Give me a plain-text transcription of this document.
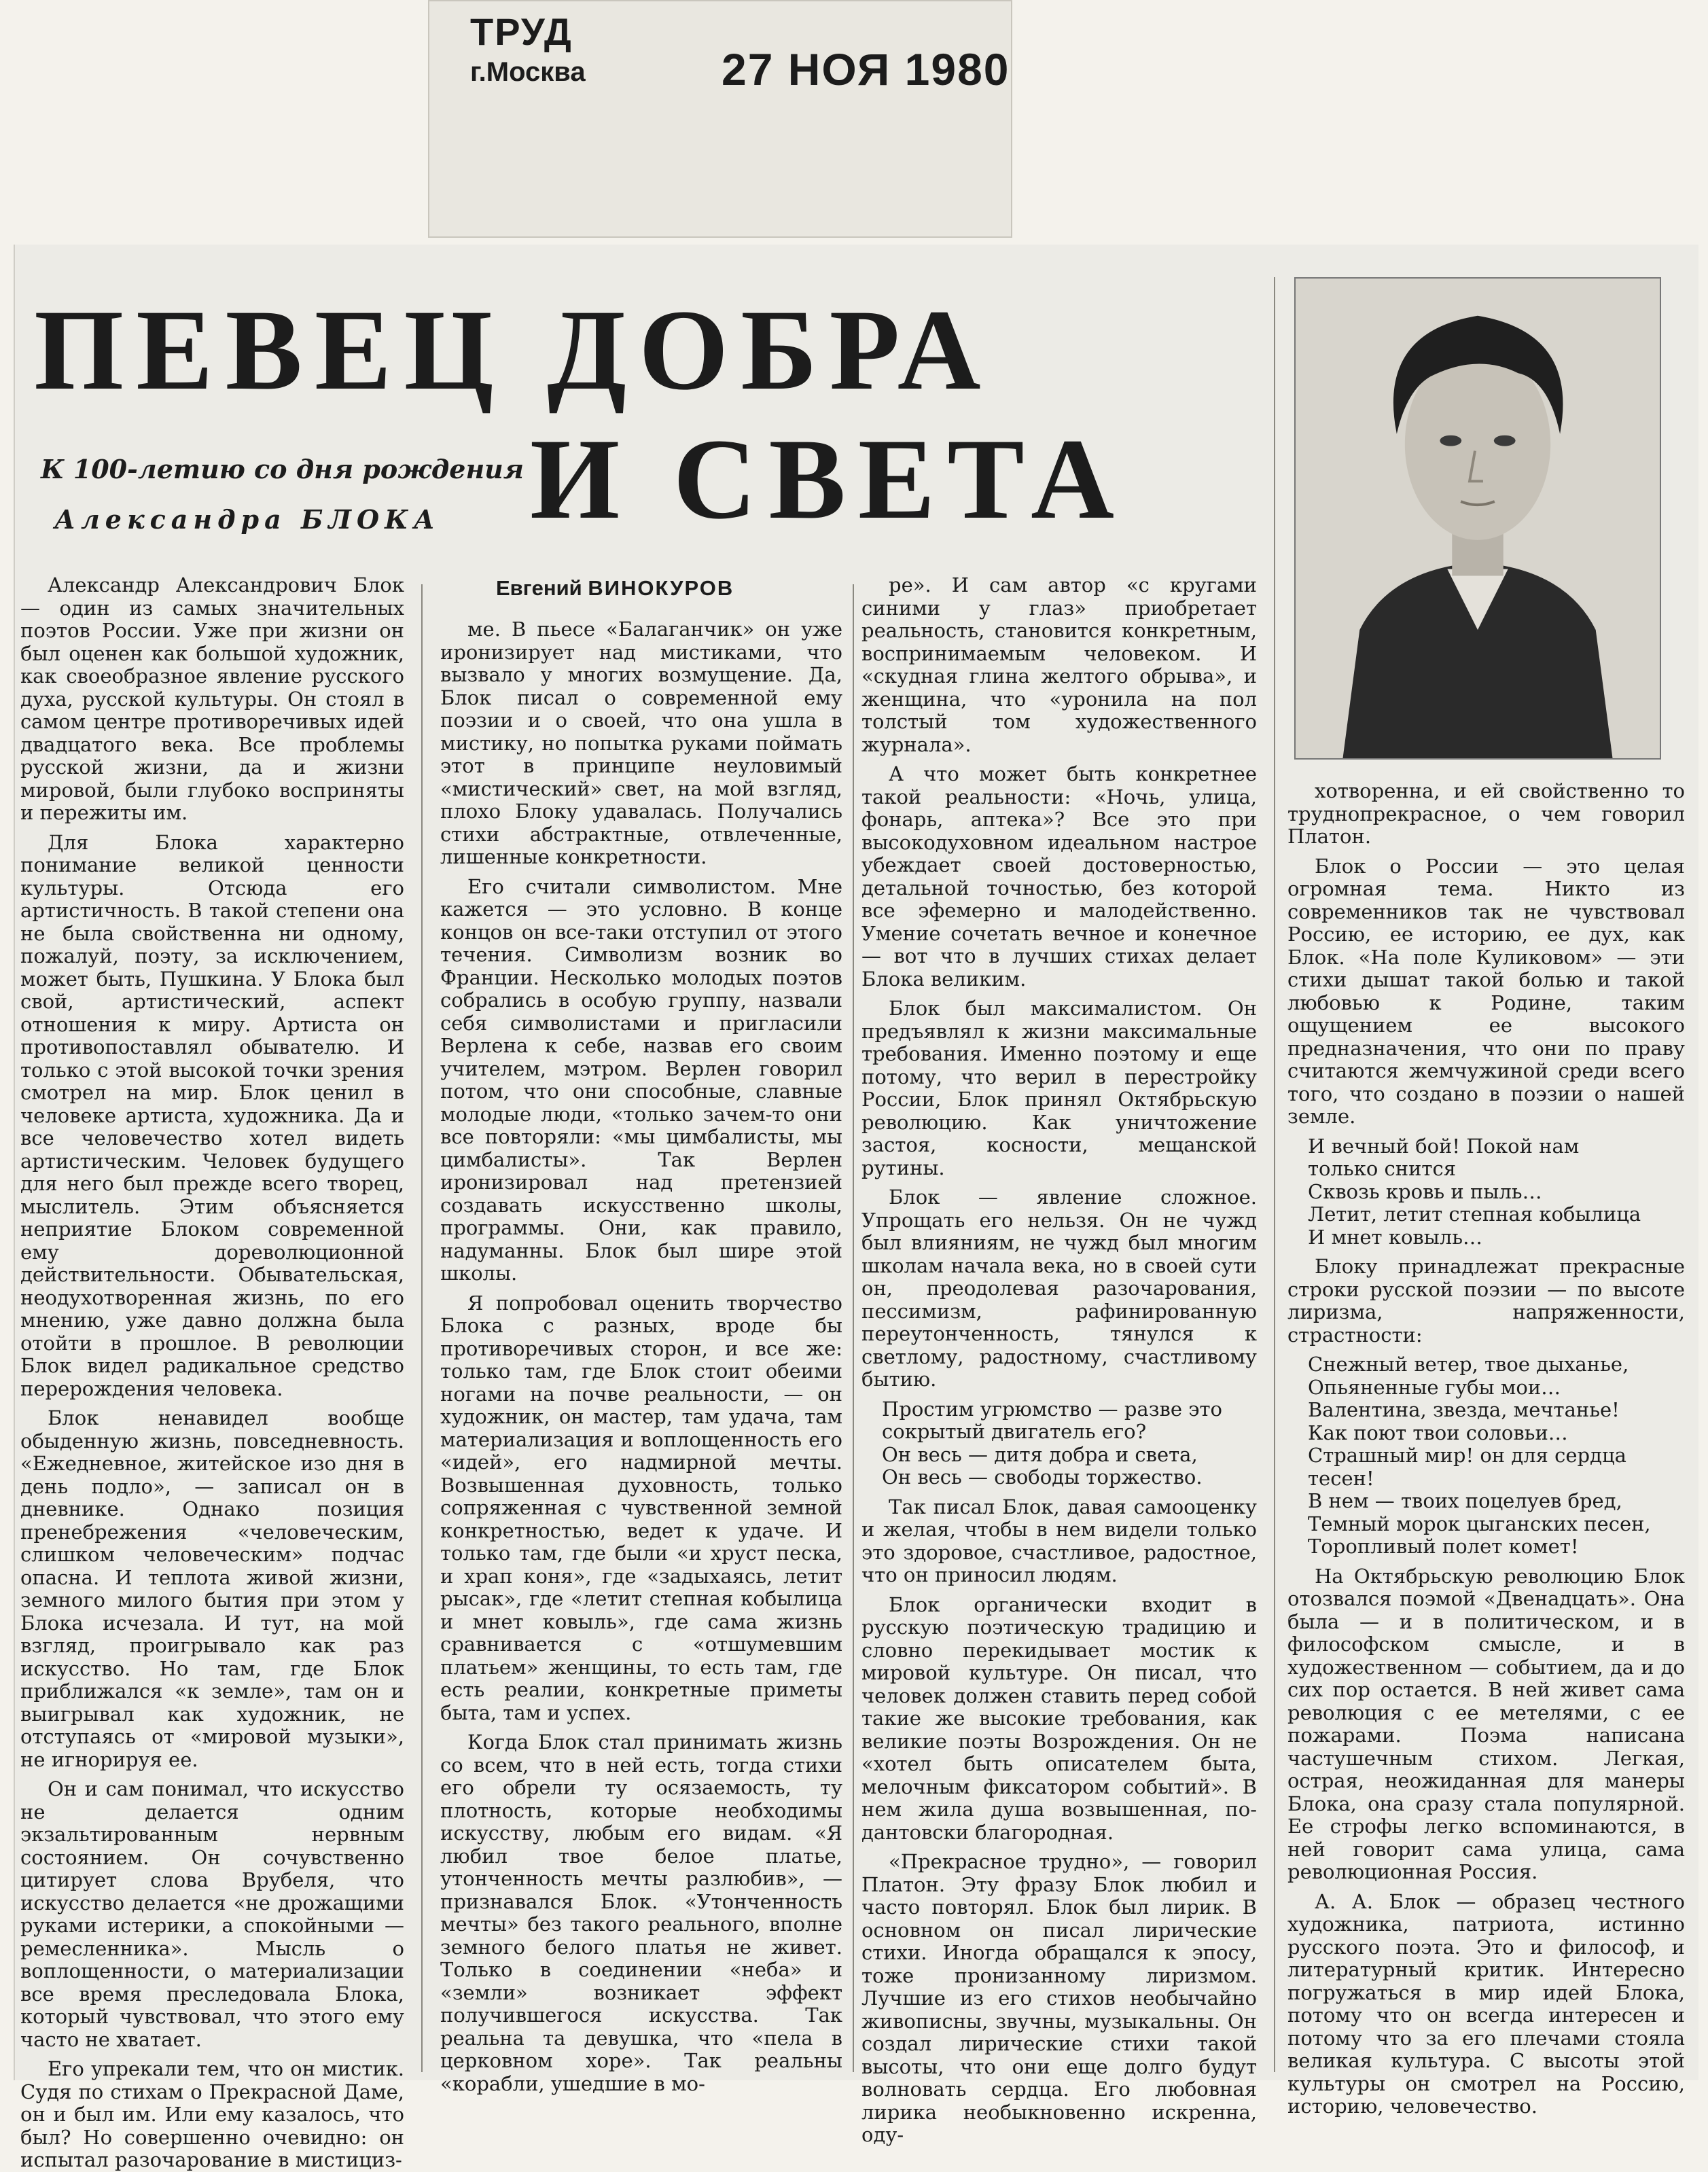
ТРУД
г.Москва	27 НОЯ 1980
ПЕВЕЦ ДОБРА
И СВЕТА
К 100-летию со дня рождения
Александра БЛОКА
Евгений ВИНОКУРОВ

Александр Александрович Блок — один из самых значительных поэтов России. Уже при жизни он был оценен как большой художник, как своеобразное явление русского духа, русской культуры. Он стоял в самом центре противоречивых идей двадцатого века. Все проблемы русской жизни, да и жизни мировой, были глубоко восприняты и пережиты им.

Для Блока характерно понимание великой ценности культуры. Отсюда его артистичность. В такой степени она не была свойственна ни одному, пожалуй, поэту, за исключением, может быть, Пушкина. У Блока был свой, артистический, аспект отношения к миру. Артиста он противопоставлял обывателю. И только с этой высокой точки зрения смотрел на мир. Блок ценил в человеке артиста, художника. Да и все человечество хотел видеть артистическим. Человек будущего для него был прежде всего творец, мыслитель. Этим объясняется неприятие Блоком современной ему дореволюционной действительности. Обывательская, неодухотворенная жизнь, по его мнению, уже давно должна была отойти в прошлое. В революции Блок видел радикальное средство перерождения человека.

Блок ненавидел вообще обыденную жизнь, повседневность. «Ежедневное, житейское изо дня в день подло», — записал он в дневнике. Однако позиция пренебрежения «человеческим, слишком человеческим» подчас опасна. И теплота живой жизни, земного милого бытия при этом у Блока исчезала. И тут, на мой взгляд, проигрывало как раз искусство. Но там, где Блок приближался «к земле», там он и выигрывал как художник, не отступаясь от «мировой музыки», не игнорируя ее.

Он и сам понимал, что искусство не делается одним экзальтированным нервным состоянием. Он сочувственно цитирует слова Врубеля, что искусство делается «не дрожащими руками истерики, а спокойными — ремесленника». Мысль о воплощенности, о материализации все время преследовала Блока, который чувствовал, что этого ему часто не хватает.

Его упрекали тем, что он мистик. Судя по стихам о Прекрасной Даме, он и был им. Или ему казалось, что был? Но совершенно очевидно: он испытал разочарование в мистициз-

ме. В пьесе «Балаганчик» он уже иронизирует над мистиками, что вызвало у многих возмущение. Да, Блок писал о современной ему поэзии и о своей, что она ушла в мистику, но попытка руками поймать этот в принципе неуловимый «мистический» свет, на мой взгляд, плохо Блоку удавалась. Получались стихи абстрактные, отвлеченные, лишенные конкретности.

Его считали символистом. Мне кажется — это условно. В конце концов он все-таки отступил от этого течения. Символизм возник во Франции. Несколько молодых поэтов собрались в особую группу, назвали себя символистами и пригласили Верлена к себе, назвав его своим учителем, мэтром. Верлен говорил потом, что они способные, славные молодые люди, «только зачем-то они все повторяли: «мы цимбалисты, мы цимбалисты». Так Верлен иронизировал над претензией создавать искусственно школы, программы. Они, как правило, надуманны. Блок был шире этой школы.

Я попробовал оценить творчество Блока с разных, вроде бы противоречивых сторон, и все же: только там, где Блок стоит обеими ногами на почве реальности, — он художник, он мастер, там удача, там материализация и воплощенность его «идей», его надмирной мечты. Возвышенная духовность, только сопряженная с чувственной земной конкретностью, ведет к удаче. И только там, где были «и хруст песка, и храп коня», где «задыхаясь, летит рысак», где «летит степная кобылица и мнет ковыль», где сама жизнь сравнивается с «отшумевшим платьем» женщины, то есть там, где есть реалии, конкретные приметы быта, там и успех.

Когда Блок стал принимать жизнь со всем, что в ней есть, тогда стихи его обрели ту осязаемость, ту плотность, которые необходимы искусству, любым его видам. «Я любил твое белое платье, утонченность мечты разлюбив», — признавался Блок. «Утонченность мечты» без такого реального, вполне земного белого платья не живет. Только в соединении «неба» и «земли» возникает эффект получившегося искусства. Так реальна та девушка, что «пела в церковном хоре». Так реальны «корабли, ушедшие в мо-

ре». И сам автор «с кругами синими у глаз» приобретает реальность, становится конкретным, воспринимаемым человеком. И «скудная глина желтого обрыва», и женщина, что «уронила на пол толстый том художественного журнала».

А что может быть конкретнее такой реальности: «Ночь, улица, фонарь, аптека»? Все это при высокодуховном идеальном настрое убеждает своей достоверностью, детальной точностью, без которой все эфемерно и малодейственно. Умение сочетать вечное и конечное — вот что в лучших стихах делает Блока великим.

Блок был максималистом. Он предъявлял к жизни максимальные требования. Именно поэтому и еще потому, что верил в перестройку России, Блок принял Октябрьскую революцию. Как уничтожение застоя, косности, мещанской рутины.

Блок — явление сложное. Упрощать его нельзя. Он не чужд был влияниям, не чужд был многим школам начала века, но в своей сути он, преодолевая разочарования, пессимизм, рафинированную переутонченность, тянулся к светлому, радостному, счастливому бытию.

Простим угрюмство — разве это
сокрытый двигатель его?
Он весь — дитя добра и света,
Он весь — свободы торжество.

Так писал Блок, давая самооценку и желая, чтобы в нем видели только это здоровое, счастливое, радостное, что он приносил людям.

Блок органически входит в русскую поэтическую традицию и словно перекидывает мостик к мировой культуре. Он писал, что человек должен ставить перед собой такие же высокие требования, как великие поэты Возрождения. Он не «хотел быть описателем быта, мелочным фиксатором событий». В нем жила душа возвышенная, по-дантовски благородная.

«Прекрасное трудно», — говорил Платон. Эту фразу Блок любил и часто повторял. Блок был лирик. В основном он писал лирические стихи. Иногда обращался к эпосу, тоже пронизанному лиризмом. Лучшие из его стихов необычайно живописны, звучны, музыкальны. Он создал лирические стихи такой высоты, что они еще долго будут волновать сердца. Его любовная лирика необыкновенно искренна, оду-

хотворенна, и ей свойственно то труднопрекрасное, о чем говорил Платон.

Блок о России — это целая огромная тема. Никто из современников так не чувствовал Россию, ее историю, ее дух, как Блок. «На поле Куликовом» — эти стихи дышат такой болью и такой любовью к Родине, таким ощущением ее высокого предназначения, что они по праву считаются жемчужиной среди всего того, что создано в поэзии о нашей земле.

И вечный бой! Покой нам
только снится
Сквозь кровь и пыль…
Летит, летит степная кобылица
И мнет ковыль…

Блоку принадлежат прекрасные строки русской поэзии — по высоте лиризма, напряженности, страстности:

Снежный ветер, твое дыханье,
Опьяненные губы мои…
Валентина, звезда, мечтанье!
Как поют твои соловьи…
Страшный мир! он для сердца
тесен!
В нем — твоих поцелуев бред,
Темный морок цыганских песен,
Торопливый полет комет!

На Октябрьскую революцию Блок отозвался поэмой «Двенадцать». Она была — и в политическом, и в философском смысле, и в художественном — событием, да и до сих пор остается. В ней живет сама революция с ее метелями, с ее пожарами. Поэма написана частушечным стихом. Легкая, острая, неожиданная для манеры Блока, она сразу стала популярной. Ее строфы легко вспоминаются, в ней говорит сама улица, сама революционная Россия.

А. А. Блок — образец честного художника, патриота, истинно русского поэта. Это и философ, и литературный критик. Интересно погружаться в мир идей Блока, потому что он всегда интересен и потому что за его плечами стояла великая культура. С высоты этой культуры он смотрел на Россию, историю, человечество.
